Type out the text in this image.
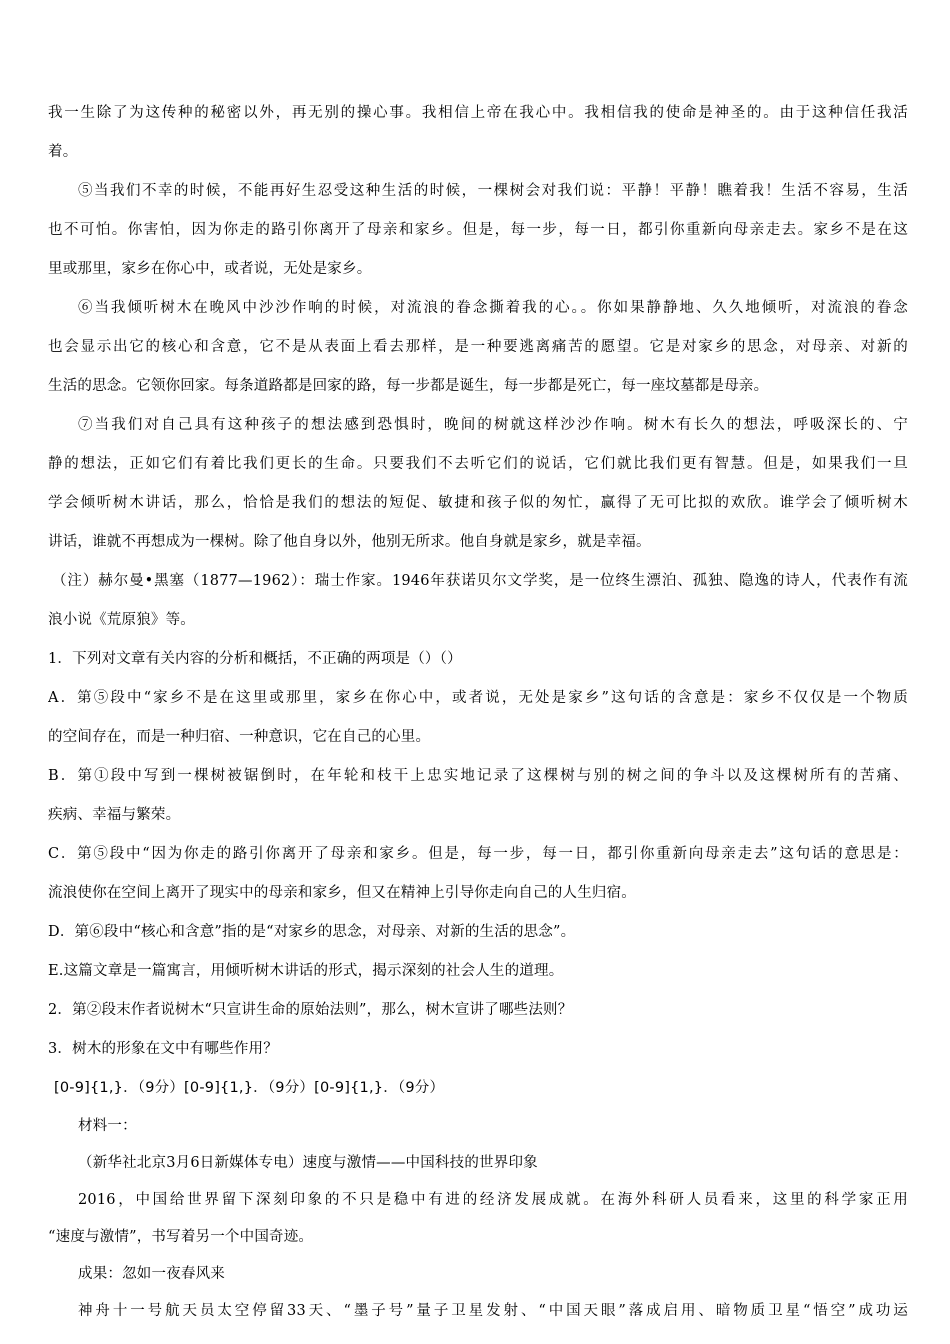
我一生除了为这传种的秘密以外，再无别的操心事。我相信上帝在我心中。我相信我的使命是神圣的。由于这种信任我活
着。
⑤当我们不幸的时候，不能再好生忍受这种生活的时候，一棵树会对我们说：平静！平静！瞧着我！生活不容易，生活
也不可怕。你害怕，因为你走的路引你离开了母亲和家乡。但是，每一步，每一日，都引你重新向母亲走去。家乡不是在这
里或那里，家乡在你心中，或者说，无处是家乡。
⑥当我倾听树木在晚风中沙沙作响的时候，对流浪的眷念撕着我的心。。你如果静静地、久久地倾听，对流浪的眷念
也会显示出它的核心和含意，它不是从表面上看去那样，是一种要逃离痛苦的愿望。它是对家乡的思念，对母亲、对新的
生活的思念。它领你回家。每条道路都是回家的路，每一步都是诞生，每一步都是死亡，每一座坟墓都是母亲。
⑦当我们对自己具有这种孩子的想法感到恐惧时，晚间的树就这样沙沙作响。树木有长久的想法，呼吸深长的、宁
静的想法，正如它们有着比我们更长的生命。只要我们不去听它们的说话，它们就比我们更有智慧。但是，如果我们一旦
学会倾听树木讲话，那么，恰恰是我们的想法的短促、敏捷和孩子似的匆忙，赢得了无可比拟的欢欣。谁学会了倾听树木
讲话，谁就不再想成为一棵树。除了他自身以外，他别无所求。他自身就是家乡，就是幸福。
（注）赫尔曼•黑塞（1877—1962）：瑞士作家。1946年获诺贝尔文学奖，是一位终生漂泊、孤独、隐逸的诗人，代表作有流
浪小说《荒原狼》等。
1．下列对文章有关内容的分析和概括，不正确的两项是（）（）
A．第⑤段中“家乡不是在这里或那里，家乡在你心中，或者说，无处是家乡”这句话的含意是：家乡不仅仅是一个物质
的空间存在，而是一种归宿、一种意识，它在自己的心里。
B．第①段中写到一棵树被锯倒时，在年轮和枝干上忠实地记录了这棵树与别的树之间的争斗以及这棵树所有的苦痛、
疾病、幸福与繁荣。
C．第⑤段中“因为你走的路引你离开了母亲和家乡。但是，每一步，每一日，都引你重新向母亲走去”这句话的意思是：
流浪使你在空间上离开了现实中的母亲和家乡，但又在精神上引导你走向自己的人生归宿。
D．第⑥段中“核心和含意”指的是“对家乡的思念，对母亲、对新的生活的思念”。
E.这篇文章是一篇寓言，用倾听树木讲话的形式，揭示深刻的社会人生的道理。
2．第②段末作者说树木“只宣讲生命的原始法则”，那么，树木宣讲了哪些法则？
3．树木的形象在文中有哪些作用？
[0-9]{1,}．（9分）[0-9]{1,}．（9分）[0-9]{1,}．（9分）
材料一：
（新华社北京3月6日新媒体专电）速度与激情——中国科技的世界印象
2016，中国给世界留下深刻印象的不只是稳中有进的经济发展成就。在海外科研人员看来，这里的科学家正用
“速度与激情”，书写着另一个中国奇迹。
成果：忽如一夜春风来
神舟十一号航天员太空停留33天、“墨子号”量子卫星发射、“中国天眼”落成启用、暗物质卫星“悟空”成功运
